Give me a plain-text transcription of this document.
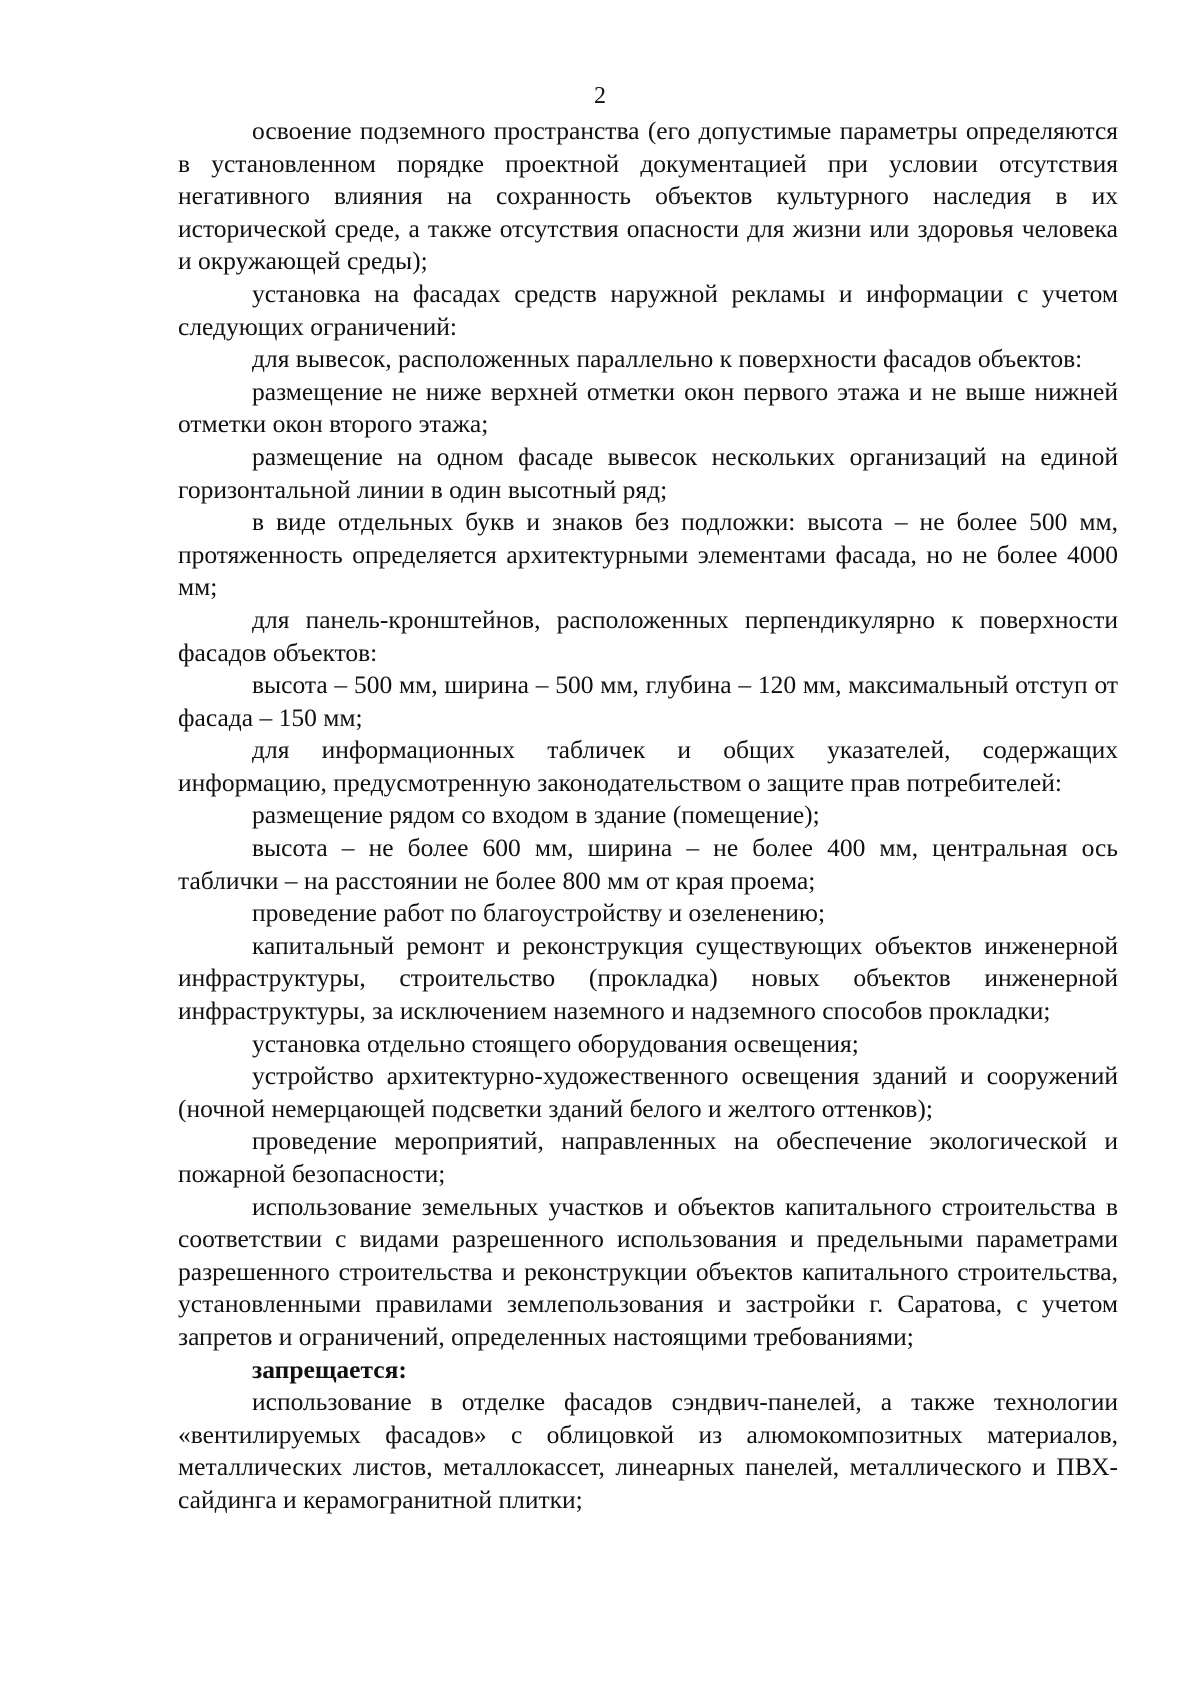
2

освоение подземного пространства (его допустимые параметры определяются в установленном порядке проектной документацией при условии отсутствия негативного влияния на сохранность объектов культурного наследия в их исторической среде, а также отсутствия опасности для жизни или здоровья человека и окружающей среды);

установка на фасадах средств наружной рекламы и информации с учетом следующих ограничений:

для вывесок, расположенных параллельно к поверхности фасадов объектов:

размещение не ниже верхней отметки окон первого этажа и не выше нижней отметки окон второго этажа;

размещение на одном фасаде вывесок нескольких организаций на единой горизонтальной линии в один высотный ряд;

в виде отдельных букв и знаков без подложки: высота – не более 500 мм, протяженность определяется архитектурными элементами фасада, но не более 4000 мм;

для панель-кронштейнов, расположенных перпендикулярно к поверхности фасадов объектов:

высота – 500 мм, ширина – 500 мм, глубина – 120 мм, максимальный отступ от фасада – 150 мм;

для информационных табличек и общих указателей, содержащих информацию, предусмотренную законодательством о защите прав потребителей:

размещение рядом со входом в здание (помещение);

высота – не более 600 мм, ширина – не более 400 мм, центральная ось таблички – на расстоянии не более 800 мм от края проема;

проведение работ по благоустройству и озеленению;

капитальный ремонт и реконструкция существующих объектов инженерной инфраструктуры, строительство (прокладка) новых объектов инженерной инфраструктуры, за исключением наземного и надземного способов прокладки;

установка отдельно стоящего оборудования освещения;

устройство архитектурно-художественного освещения зданий и сооружений (ночной немерцающей подсветки зданий белого и желтого оттенков);

проведение мероприятий, направленных на обеспечение экологической и пожарной безопасности;

использование земельных участков и объектов капитального строительства в соответствии с видами разрешенного использования и предельными параметрами разрешенного строительства и реконструкции объектов капитального строительства, установленными правилами землепользования и застройки г. Саратова, с учетом запретов и ограничений, определенных настоящими требованиями;

запрещается:

использование в отделке фасадов сэндвич-панелей, а также технологии «вентилируемых фасадов» с облицовкой из алюмокомпозитных материалов, металлических листов, металлокассет, линеарных панелей, металлического и ПВХ-сайдинга и керамогранитной плитки;
